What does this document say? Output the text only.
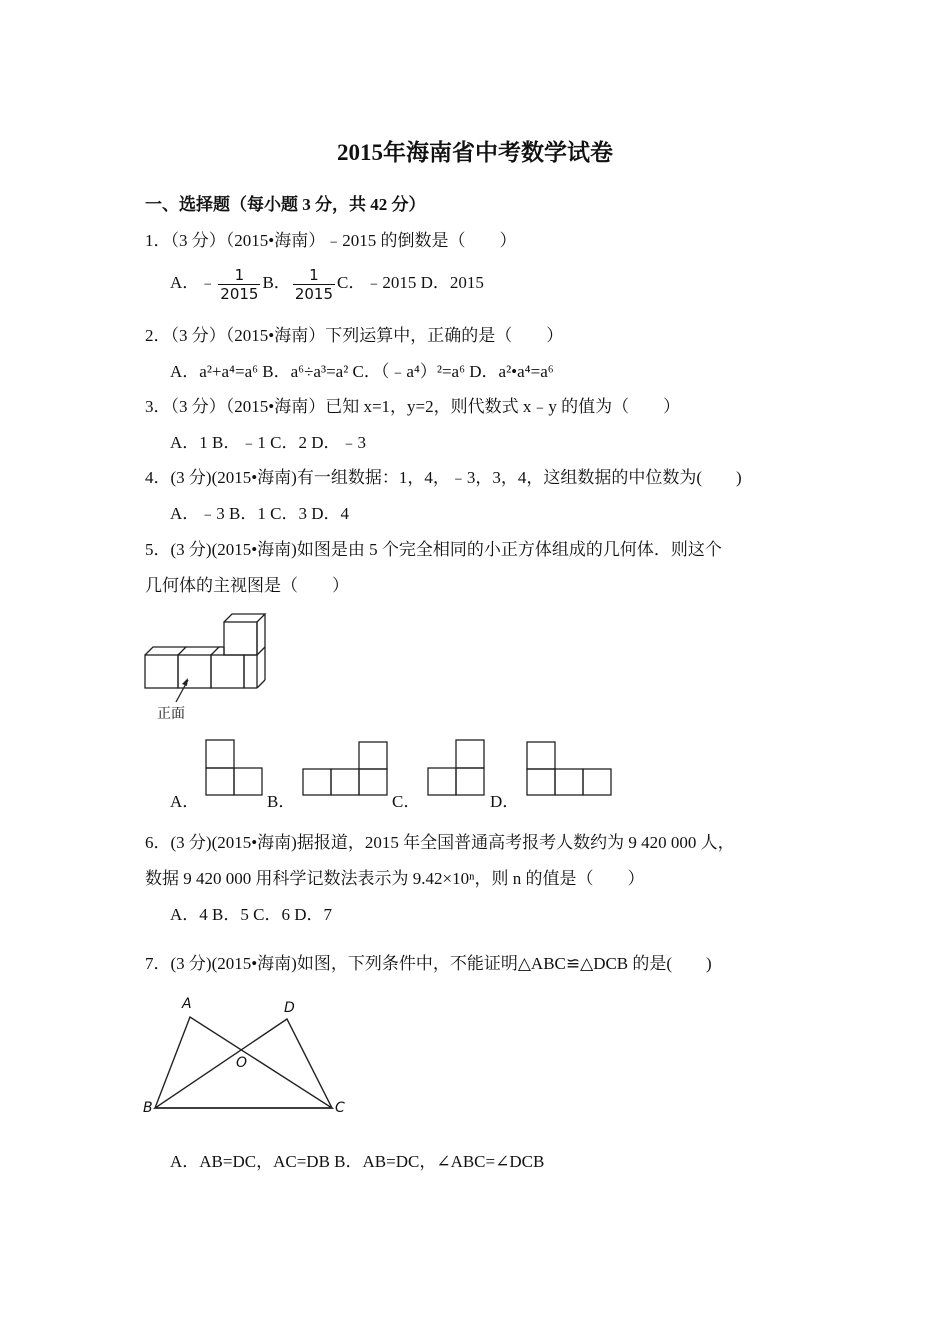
2015年海南省中考数学试卷
一、选择题（每小题 3 分，共 42 分）
1．（3 分）（2015•海南）﹣2015 的倒数是（　　）
A．﹣ $\frac{1}{2015}$ B． $\frac{1}{2015}$ C．﹣2015 D．2015
2．（3 分）（2015•海南）下列运算中，正确的是（　　）
A．a²+a⁴=a⁶ B．a⁶÷a³=a² C．（﹣a⁴）²=a⁶ D．a²•a⁴=a⁶
3．（3 分）（2015•海南）已知 x=1，y=2，则代数式 x﹣y 的值为（　　）
A．1 B．﹣1 C．2 D．﹣3
4．(3 分)(2015•海南)有一组数据：1，4，﹣3，3，4，这组数据的中位数为(　　)
A．﹣3 B．1 C．3 D．4
5．(3 分)(2015•海南)如图是由 5 个完全相同的小正方体组成的几何体．则这个
几何体的主视图是（　　）
正面
A．	B．	C．	D．
6．(3 分)(2015•海南)据报道，2015 年全国普通高考报考人数约为 9 420 000 人，
数据 9 420 000 用科学记数法表示为 9.42×10ⁿ，则 n 的值是（　　）
A．4 B．5 C．6 D．7
7．(3 分)(2015•海南)如图，下列条件中，不能证明△ABC≌△DCB 的是(　　)
A	D
O
B	C
A．AB=DC，AC=DB B．AB=DC，∠ABC=∠DCB
